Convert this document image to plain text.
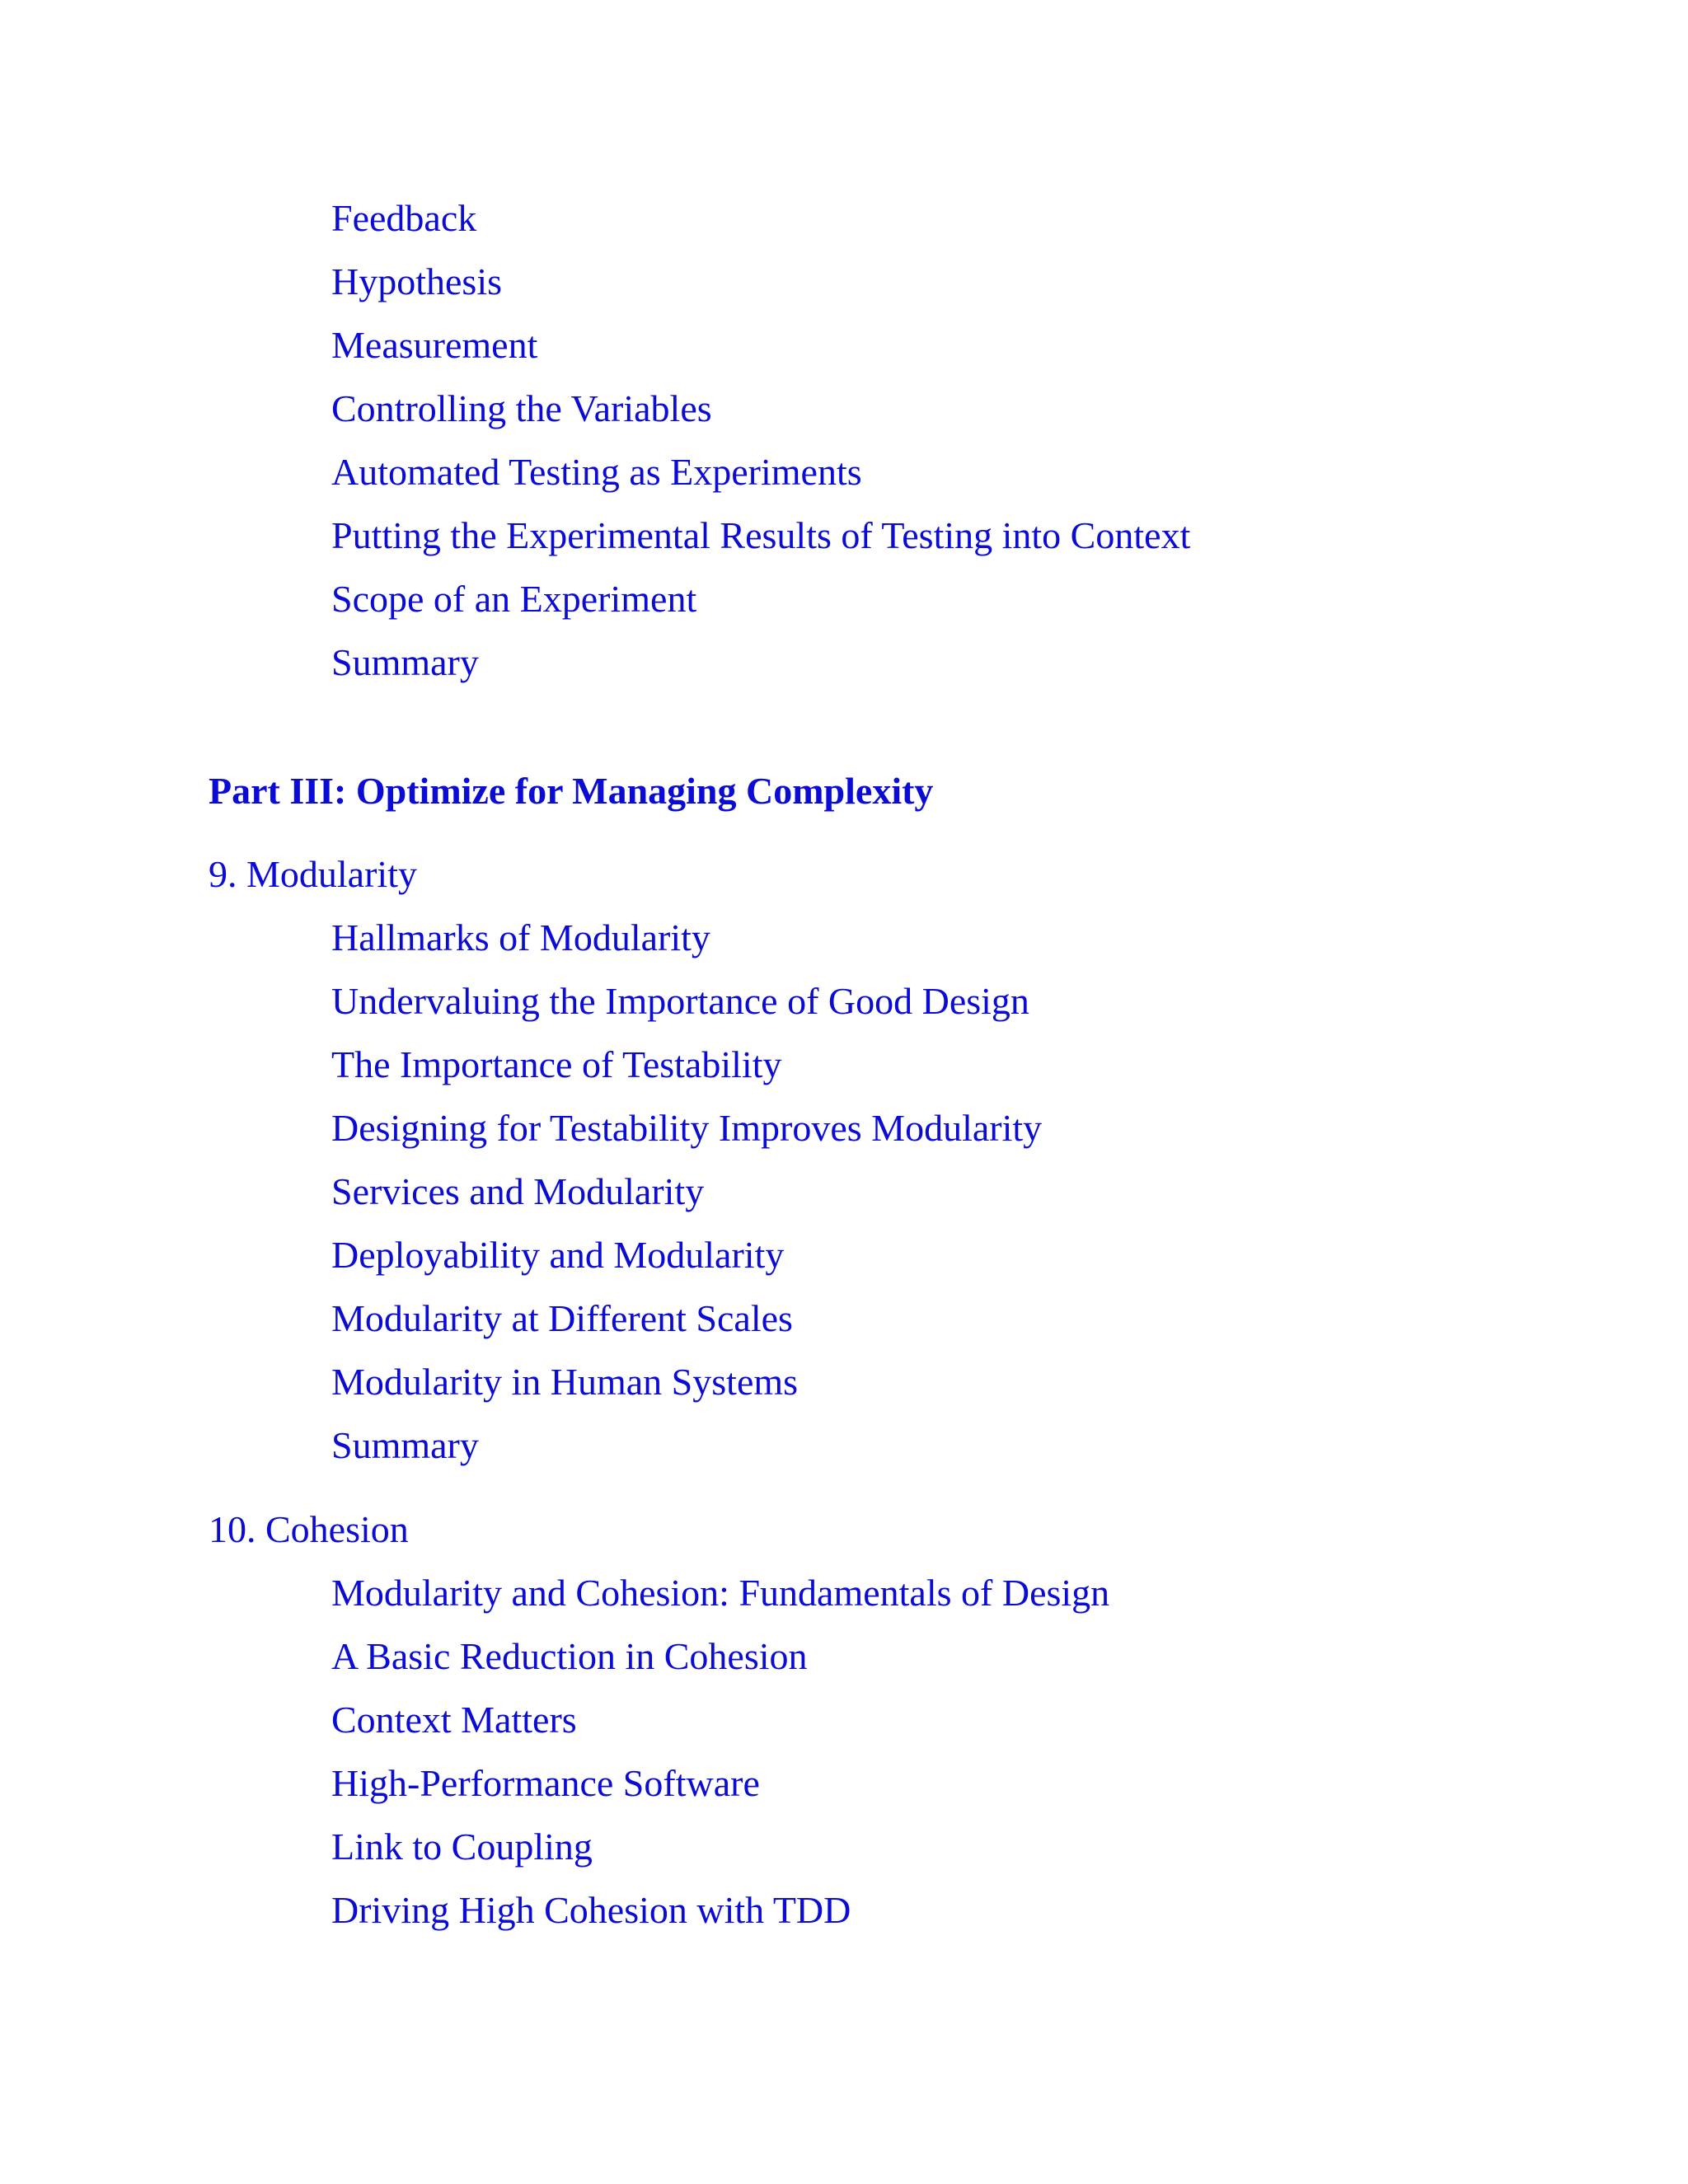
Feedback
Hypothesis
Measurement
Controlling the Variables
Automated Testing as Experiments
Putting the Experimental Results of Testing into Context
Scope of an Experiment
Summary
Part III: Optimize for Managing Complexity
9. Modularity
Hallmarks of Modularity
Undervaluing the Importance of Good Design
The Importance of Testability
Designing for Testability Improves Modularity
Services and Modularity
Deployability and Modularity
Modularity at Different Scales
Modularity in Human Systems
Summary
10. Cohesion
Modularity and Cohesion: Fundamentals of Design
A Basic Reduction in Cohesion
Context Matters
High-Performance Software
Link to Coupling
Driving High Cohesion with TDD
